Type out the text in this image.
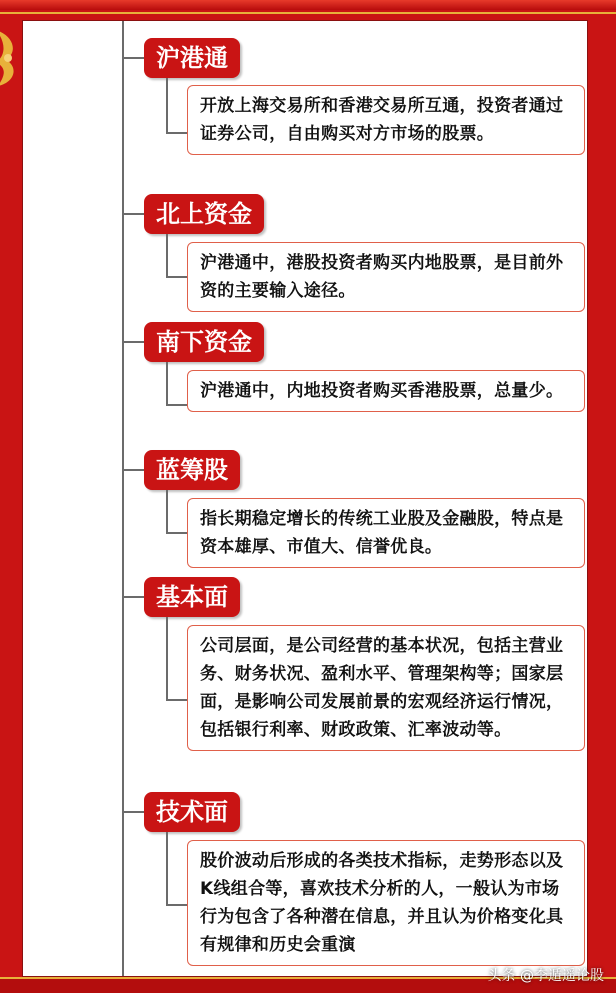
沪港通
开放上海交易所和香港交易所互通，投资者通过证券公司，自由购买对方市场的股票。
北上资金
沪港通中，港股投资者购买内地股票，是目前外资的主要输入途径。
南下资金
沪港通中，内地投资者购买香港股票，总量少。
蓝筹股
指长期稳定增长的传统工业股及金融股，特点是资本雄厚、市值大、信誉优良。
基本面
公司层面，是公司经营的基本状况，包括主营业务、财务状况、盈利水平、管理架构等；国家层面，是影响公司发展前景的宏观经济运行情况，包括银行利率、财政政策、汇率波动等。
技术面
股价波动后形成的各类技术指标，走势形态以及K线组合等，喜欢技术分析的人，一般认为市场行为包含了各种潜在信息，并且认为价格变化具有规律和历史会重演
头条 @李遁遥论股
